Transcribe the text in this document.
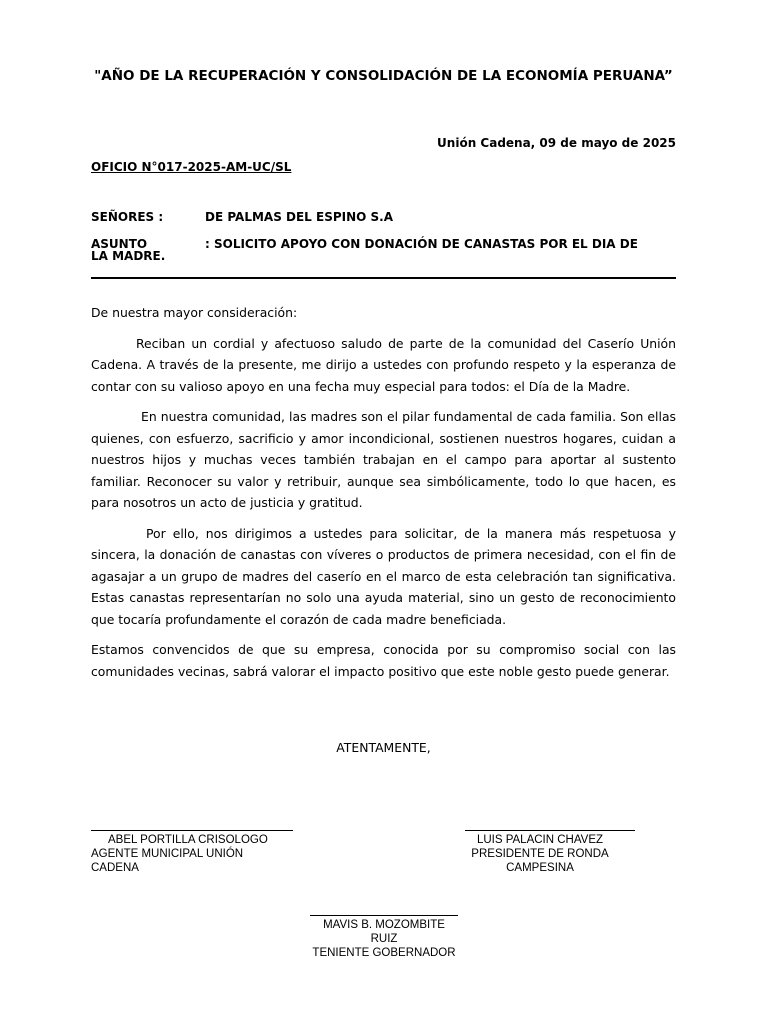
"AÑO DE LA RECUPERACIÓN Y CONSOLIDACIÓN DE LA ECONOMÍA PERUANA”
Unión Cadena, 09 de mayo de 2025
OFICIO N°017-2025-AM-UC/SL
SEÑORES :	DE PALMAS DEL ESPINO S.A
ASUNTO	: SOLICITO APOYO CON DONACIÓN DE CANASTAS POR EL DIA DE
LA MADRE.

De nuestra mayor consideración:

Reciban un cordial y afectuoso saludo de parte de la comunidad del Caserío Unión Cadena. A través de la presente, me dirijo a ustedes con profundo respeto y la esperanza de contar con su valioso apoyo en una fecha muy especial para todos: el Día de la Madre.

En nuestra comunidad, las madres son el pilar fundamental de cada familia. Son ellas quienes, con esfuerzo, sacrificio y amor incondicional, sostienen nuestros hogares, cuidan a nuestros hijos y muchas veces también trabajan en el campo para aportar al sustento familiar. Reconocer su valor y retribuir, aunque sea simbólicamente, todo lo que hacen, es para nosotros un acto de justicia y gratitud.

Por ello, nos dirigimos a ustedes para solicitar, de la manera más respetuosa y sincera, la donación de canastas con víveres o productos de primera necesidad, con el fin de agasajar a un grupo de madres del caserío en el marco de esta celebración tan significativa. Estas canastas representarían no solo una ayuda material, sino un gesto de reconocimiento que tocaría profundamente el corazón de cada madre beneficiada.

Estamos convencidos de que su empresa, conocida por su compromiso social con las comunidades vecinas, sabrá valorar el impacto positivo que este noble gesto puede generar.

ATENTAMENTE,
ABEL PORTILLA CRISOLOGO
AGENTE MUNICIPAL UNIÓN CADENA
LUIS PALACIN CHAVEZ
PRESIDENTE DE RONDA CAMPESINA
MAVIS B. MOZOMBITE RUIZ
TENIENTE GOBERNADOR
